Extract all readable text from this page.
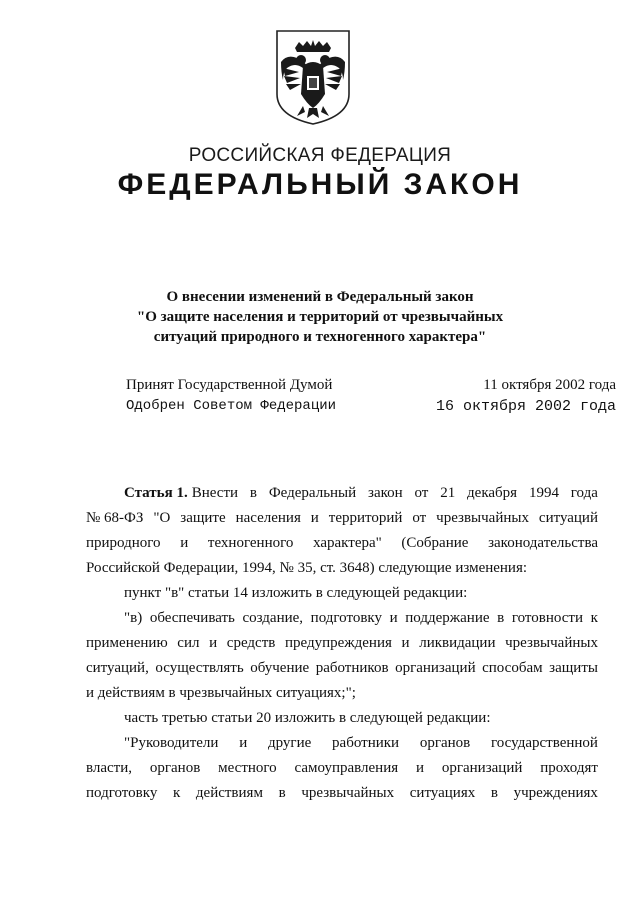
РОССИЙСКАЯ ФЕДЕРАЦИЯ
ФЕДЕРАЛЬНЫЙ ЗАКОН
О внесении изменений в Федеральный закон
"О защите населения и территорий от чрезвычайных
ситуаций природного и техногенного характера"
Принят Государственной Думой	11 октября 2002 года
Одобрен Советом Федерации	16 октября 2002 года
Статья 1. Внести в Федеральный закон от 21 декабря 1994 года
№ 68-ФЗ "О защите населения и территорий от чрезвычайных ситуаций
природного и техногенного характера" (Собрание законодательства
Российской Федерации, 1994, № 35, ст. 3648) следующие изменения:
пункт "в" статьи 14 изложить в следующей редакции:
"в) обеспечивать создание, подготовку и поддержание в готовности к
применению сил и средств предупреждения и ликвидации чрезвычайных
ситуаций, осуществлять обучение работников организаций способам защиты
и действиям в чрезвычайных ситуациях;";
часть третью статьи 20 изложить в следующей редакции:
"Руководители и другие работники органов государственной
власти, органов местного самоуправления и организаций проходят
подготовку к действиям в чрезвычайных ситуациях в учреждениях
